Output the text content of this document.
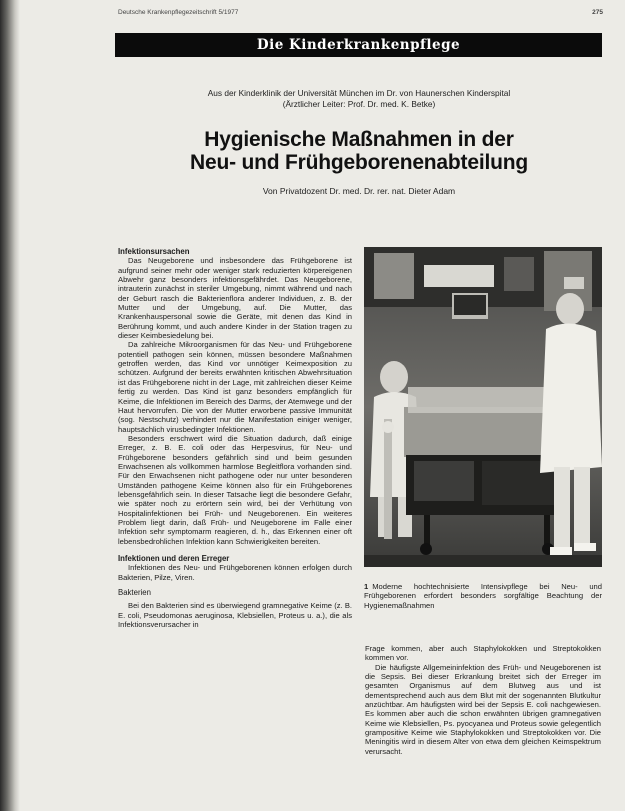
Deutsche Krankenpflegezeitschrift 5/1977	275
Die Kinderkrankenpflege
Aus der Kinderklinik der Universität München im Dr. von Haunerschen Kinderspital
(Ärztlicher Leiter: Prof. Dr. med. K. Betke)
Hygienische Maßnahmen in der
Neu- und Frühgeborenenabteilung
Von Privatdozent Dr. med. Dr. rer. nat. Dieter Adam

Infektionsursachen

Das Neugeborene und insbesondere das Frühgeborene ist aufgrund seiner mehr oder weniger stark reduzierten körpereigenen Abwehr ganz besonders infektionsgefährdet. Das Neugeborene, intrauterin zunächst in steriler Umgebung, nimmt während und nach der Geburt rasch die Bakterienflora anderer Individuen, z. B. der Mutter und der Umgebung, auf. Die Mutter, das Krankenhauspersonal sowie die Geräte, mit denen das Kind in Berührung kommt, und auch andere Kinder in der Station tragen zu dieser Keimbesiedelung bei.

Da zahlreiche Mikroorganismen für das Neu- und Frühgeborene potentiell pathogen sein können, müssen besondere Maßnahmen getroffen werden, das Kind vor unnötiger Keimexposition zu schützen. Aufgrund der bereits erwähnten kritischen Abwehrsituation ist das Frühgeborene nicht in der Lage, mit zahlreichen dieser Keime fertig zu werden. Das Kind ist ganz besonders empfänglich für Keime, die Infektionen im Bereich des Darms, der Atemwege und der Haut hervorrufen. Die von der Mutter erworbene passive Immunität (sog. Nestschutz) verhindert nur die Manifestation einiger weniger, hauptsächlich virusbedingter Infektionen.

Besonders erschwert wird die Situation dadurch, daß einige Erreger, z. B. E. coli oder das Herpesvirus, für Neu- und Frühgeborene besonders gefährlich sind und beim gesunden Erwachsenen als vollkommen harmlose Begleitflora vorhanden sind. Für den Erwachsenen nicht pathogene oder nur unter besonderen Umständen pathogene Keime können also für ein Frühgeborenes lebensgefährlich sein. In dieser Tatsache liegt die besondere Gefahr, wie später noch zu erörtern sein wird, bei der Verhütung von Hospitalinfektionen bei Früh- und Neugeborenen. Ein weiteres Problem liegt darin, daß Früh- und Neugeborene im Falle einer Infektion sehr symptomarm reagieren, d. h., das Erkennen einer oft lebensbedrohlichen Infektion kann Schwierigkeiten bereiten.

Infektionen und deren Erreger

Infektionen des Neu- und Frühgeborenen können erfolgen durch Bakterien, Pilze, Viren.

Bakterien

Bei den Bakterien sind es überwiegend gramnegative Keime (z. B. E. coli, Pseudomonas aeruginosa, Klebsiellen, Proteus u. a.), die als Infektionsverursacher in

1 Moderne hochtechnisierte Intensivpflege bei Neu- und Frühgeborenen erfordert besonders sorgfältige Beachtung der Hygienemaßnahmen

Frage kommen, aber auch Staphylokokken und Streptokokken kommen vor.

Die häufigste Allgemeininfektion des Früh- und Neugeborenen ist die Sepsis. Bei dieser Erkrankung breitet sich der Erreger im gesamten Organismus auf dem Blutweg aus und ist dementsprechend auch aus dem Blut mit der sogenannten Blutkultur anzüchtbar. Am häufigsten wird bei der Sepsis E. coli nachgewiesen. Es kommen aber auch die schon erwähnten übrigen gramnegativen Keime wie Klebsiellen, Ps. pyocyanea und Proteus sowie gelegentlich grampositive Keime wie Staphylokokken und Streptokokken vor. Die Meningitis wird in diesem Alter von etwa dem gleichen Keimspektrum verursacht.
